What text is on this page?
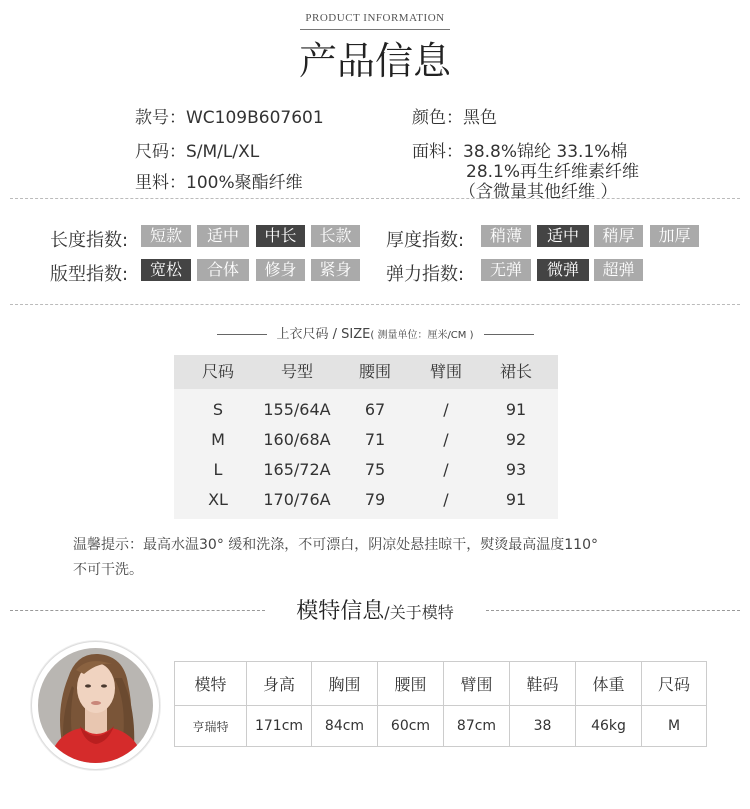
PRODUCT INFORMATION
产品信息
款号：WC109B607601	颜色：黑色
尺码：S/M/L/XL	面料：38.8%锦纶 33.1%棉
28.1%再生纤维素纤维
（含微量其他纤维 ）
里料：100%聚酯纤维
长度指数:	短款	适中	中长	长款	厚度指数:	稍薄	适中	稍厚	加厚
版型指数:	宽松	合体	修身	紧身	弹力指数:	无弹	微弹	超弹
上衣尺码 / SIZE( 测量单位：厘米/CM )
尺码	号型	腰围	臂围	裙长
S	155/64A	67	/	91
M	160/68A	71	/	92
L	165/72A	75	/	93
XL	170/76A	79	/	91
温馨提示：最高水温30° 缓和洗涤，不可漂白，阴凉处悬挂晾干，熨烫最高温度110°
不可干洗。
模特信息/关于模特
模特	身高	胸围	腰围	臂围	鞋码	体重	尺码
亨瑞特	171cm	84cm	60cm	87cm	38	46kg	M
